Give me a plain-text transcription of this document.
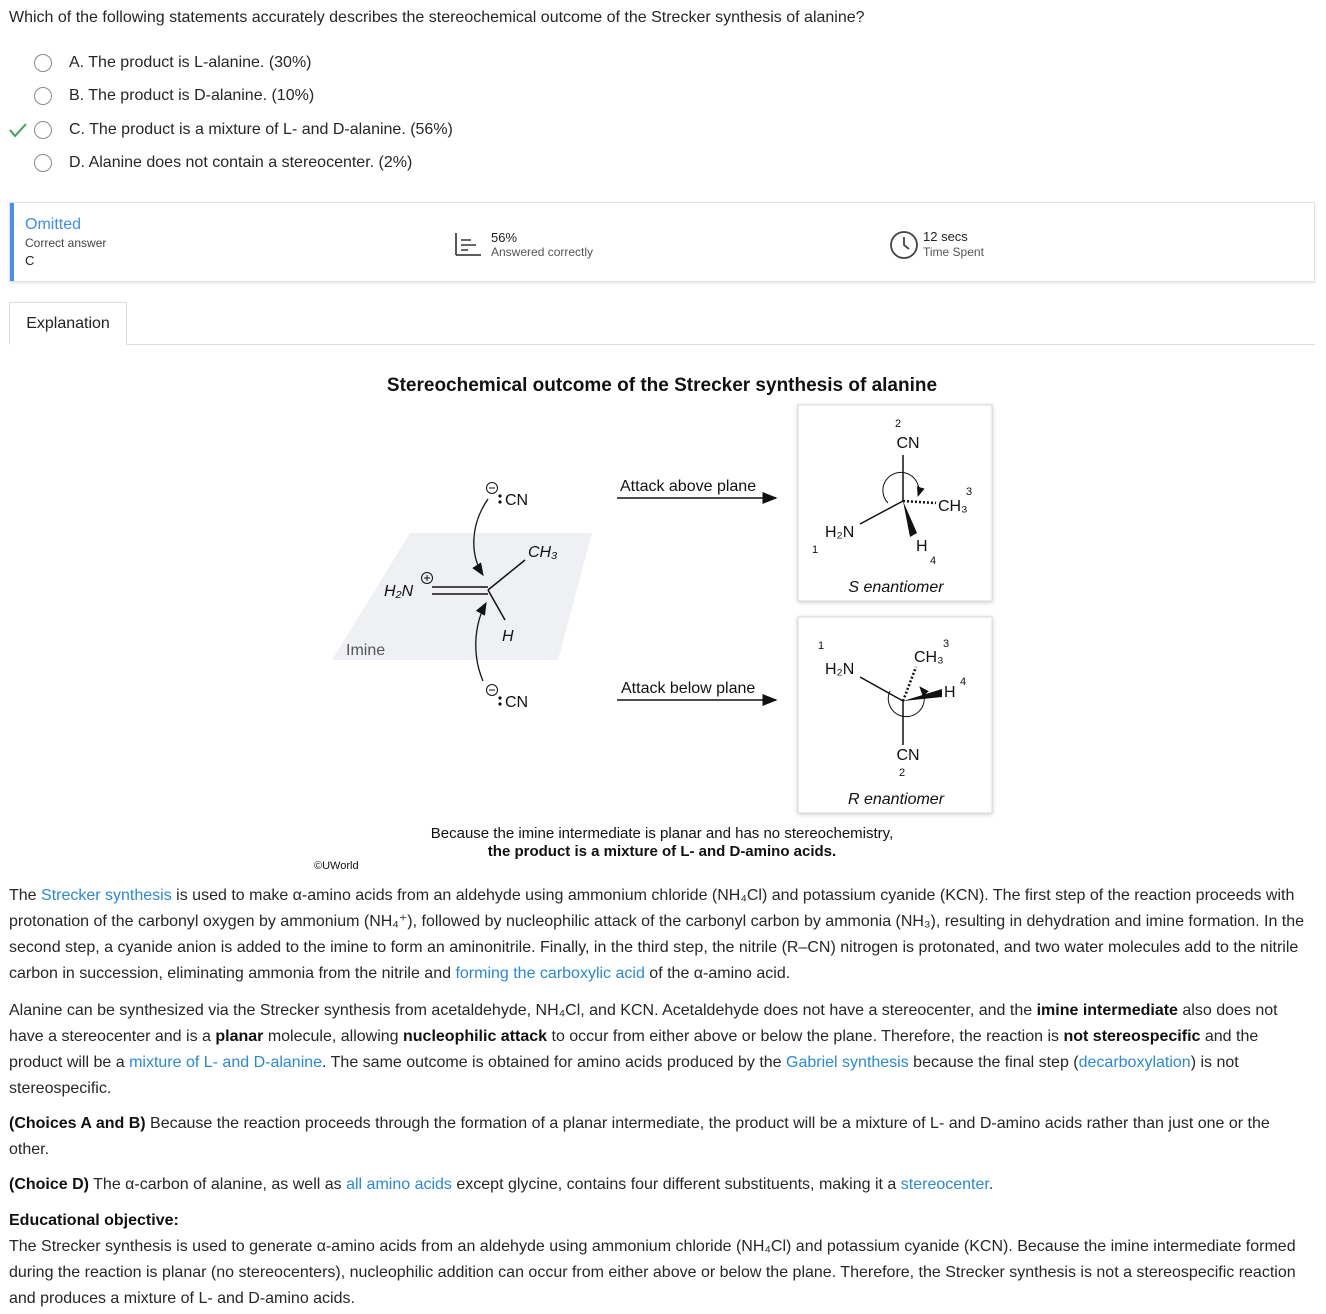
Which of the following statements accurately describes the stereochemical outcome of the Strecker synthesis of alanine?
A. The product is L-alanine. (30%)
B. The product is D-alanine. (10%)
C. The product is a mixture of L- and D-alanine. (56%)
D. Alanine does not contain a stereocenter. (2%)
Omitted
Correct answer
C
56%
Answered correctly
12 secs
Time Spent
Explanation
Stereochemical outcome of the Strecker synthesis of alanine
Imine
H₂N
CH₃
H
CN
CN
Attack above plane
Attack below plane
2
CN
H₂N
1
CH₃
3
H
4
S enantiomer
1
H₂N
CH₃
3
H
4
CN
2
R enantiomer
Because the imine intermediate is planar and has no stereochemistry,
the product is a mixture of L- and D-amino acids.
©UWorld
The Strecker synthesis is used to make α-amino acids from an aldehyde using ammonium chloride (NH₄Cl) and potassium cyanide (KCN). The first step of the reaction proceeds with protonation of the carbonyl oxygen by ammonium (NH₄⁺), followed by nucleophilic attack of the carbonyl carbon by ammonia (NH₃), resulting in dehydration and imine formation. In the second step, a cyanide anion is added to the imine to form an aminonitrile. Finally, in the third step, the nitrile (R–CN) nitrogen is protonated, and two water molecules add to the nitrile carbon in succession, eliminating ammonia from the nitrile and forming the carboxylic acid of the α-amino acid.
Alanine can be synthesized via the Strecker synthesis from acetaldehyde, NH₄Cl, and KCN. Acetaldehyde does not have a stereocenter, and the imine intermediate also does not have a stereocenter and is a planar molecule, allowing nucleophilic attack to occur from either above or below the plane. Therefore, the reaction is not stereospecific and the product will be a mixture of L- and D-alanine. The same outcome is obtained for amino acids produced by the Gabriel synthesis because the final step (decarboxylation) is not stereospecific.
(Choices A and B) Because the reaction proceeds through the formation of a planar intermediate, the product will be a mixture of L- and D-amino acids rather than just one or the other.
(Choice D) The α-carbon of alanine, as well as all amino acids except glycine, contains four different substituents, making it a stereocenter.
Educational objective:
The Strecker synthesis is used to generate α-amino acids from an aldehyde using ammonium chloride (NH₄Cl) and potassium cyanide (KCN). Because the imine intermediate formed during the reaction is planar (no stereocenters), nucleophilic addition can occur from either above or below the plane. Therefore, the Strecker synthesis is not a stereospecific reaction and produces a mixture of L- and D-amino acids.
